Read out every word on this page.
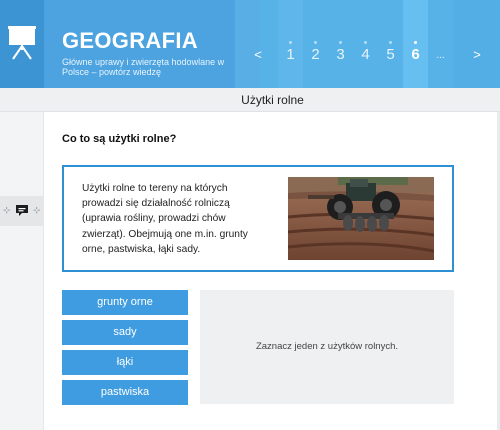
GEOGRAFIA
Główne uprawy i zwierzęta hodowlane w Polsce – powtórz wiedzę
<	1	2	3	4	5	6	...	>
Użytki rolne
⊹ ⊹
Co to są użytki rolne?
Użytki rolne to tereny na których prowadzi się działalność rolniczą (uprawia rośliny, prowadzi chów zwierząt). Obejmują one m.in. grunty orne, pastwiska, łąki sady.
grunty orne
sady
łąki
pastwiska
Zaznacz jeden z użytków rolnych.
